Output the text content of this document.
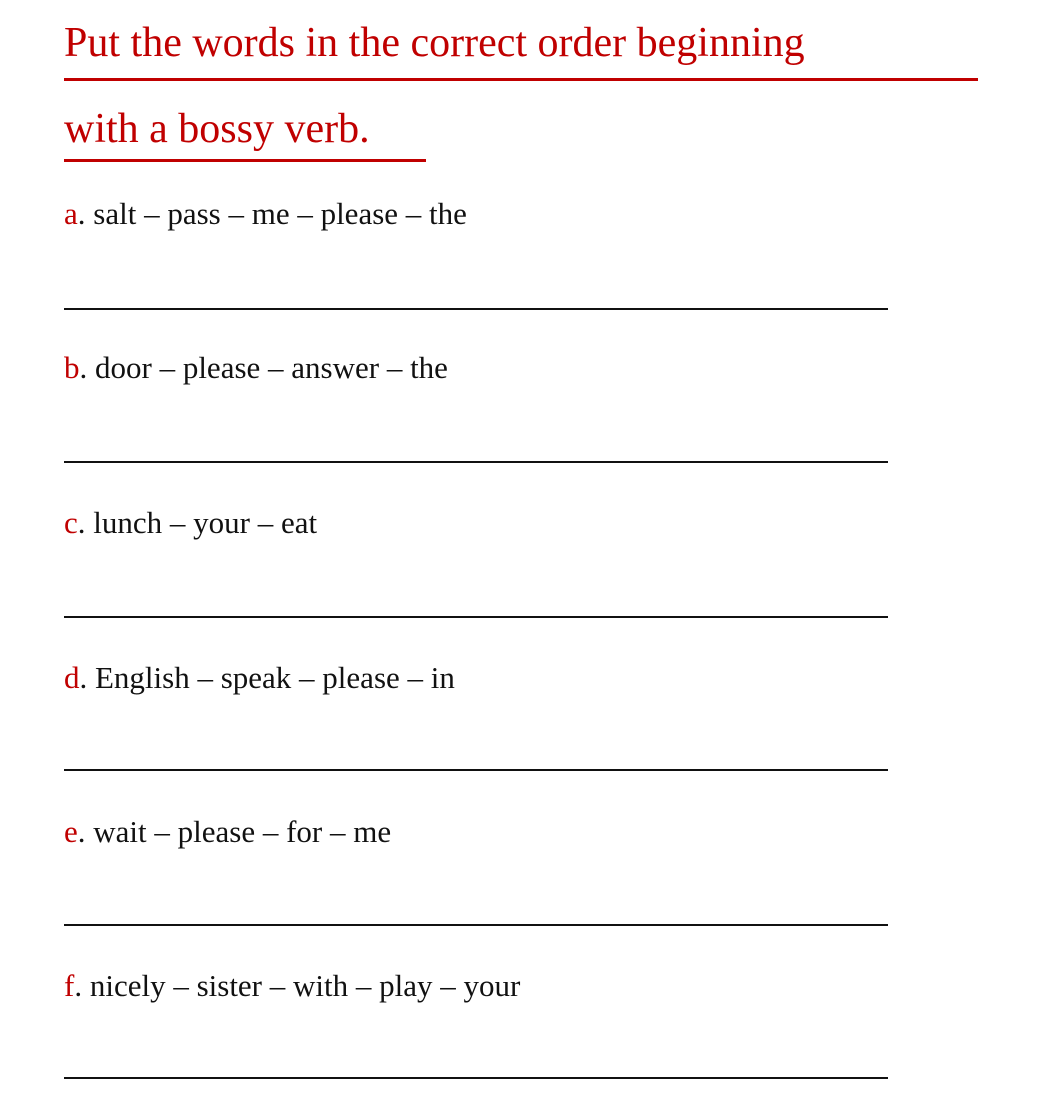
Put the words in the correct order beginning
with a bossy verb.
a. salt – pass – me – please – the
b. door – please – answer – the
c. lunch – your – eat
d. English – speak – please – in
e. wait – please – for – me
f. nicely – sister – with – play – your
